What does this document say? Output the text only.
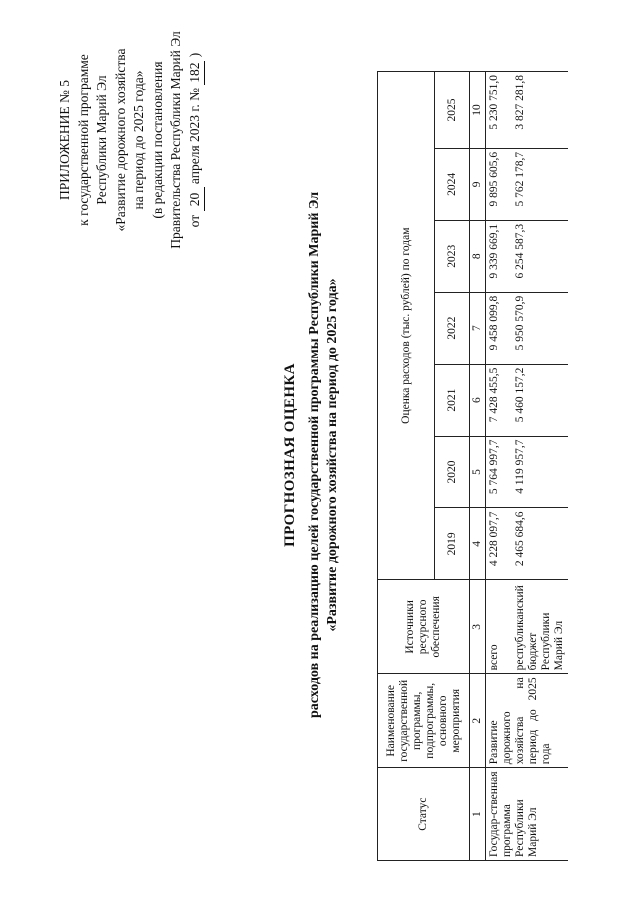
ПРИЛОЖЕНИЕ № 5 к государственной программе Республики Марий Эл «Развитие дорожного хозяйства на период до 2025 года» (в редакции постановления Правительства Республики Марий Эл от 20 апреля 2023 г. № 182 )
ПРОГНОЗНАЯ ОЦЕНКА расходов на реализацию целей государственной программы Республики Марий Эл «Развитие дорожного хозяйства на период до 2025 года»
Статус	Наименование государственной программы, подпрограммы, основного мероприятия	Источники ресурсного обеспечения	Оценка расходов (тыс. рублей) по годам						
			2019	2020	2021	2022	2023	2024	2025
1	2	3	4	5	6	7	8	9	10
Государ-ственная программа Республики Марий Эл	Развитие дорожного хозяйства на период до 2025 года	всего	4 228 097,7	5 764 997,7	7 428 455,5	9 458 099,8	9 339 669,1	9 895 605,6	5 230 751,0
		республиканский бюджет Республики Марий Эл	2 465 684,6	4 119 957,7	5 460 157,2	5 950 570,9	6 254 587,3	5 762 178,7	3 827 281,8
